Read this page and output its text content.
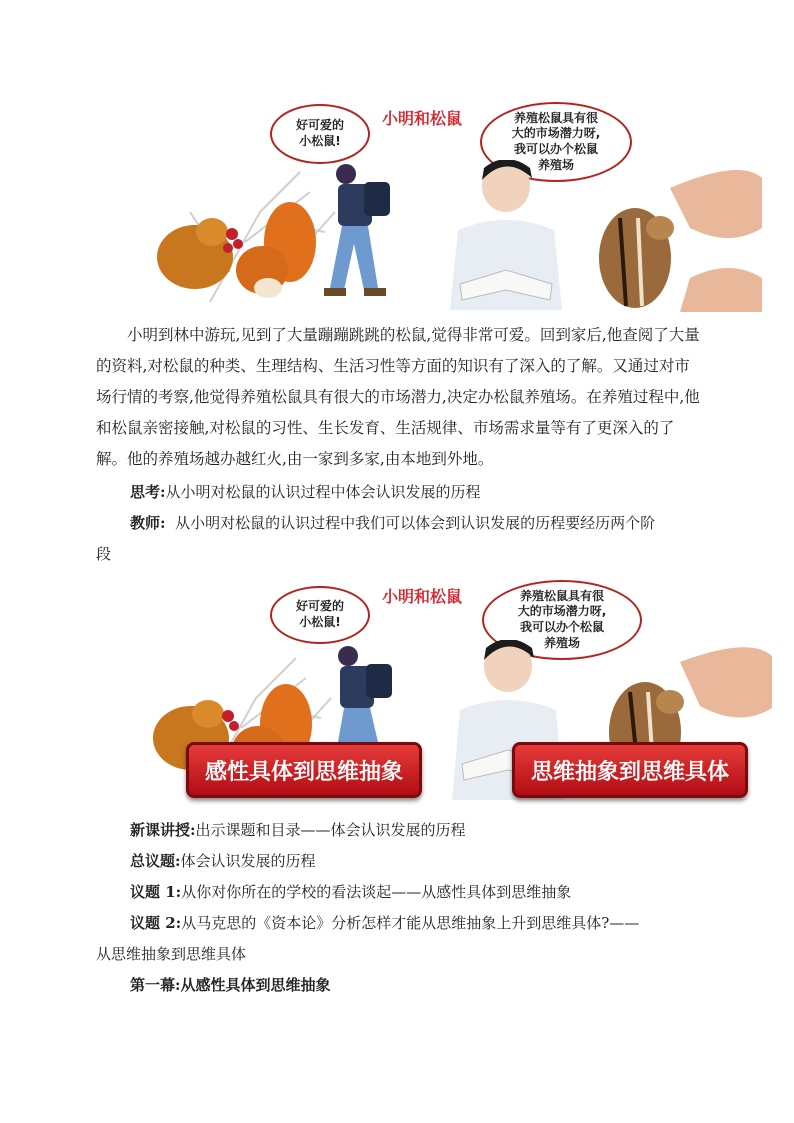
小明和松鼠
好可爱的
小松鼠!
养殖松鼠具有很
大的市场潜力呀,
我可以办个松鼠
养殖场

小明到林中游玩,见到了大量蹦蹦跳跳的松鼠,觉得非常可爱。回到家后,他查阅了大量的资料,对松鼠的种类、生理结构、生活习性等方面的知识有了深入的了解。又通过对市场行情的考察,他觉得养殖松鼠具有很大的市场潜力,决定办松鼠养殖场。在养殖过程中,他和松鼠亲密接触,对松鼠的习性、生长发育、生活规律、市场需求量等有了更深入的了解。他的养殖场越办越红火,由一家到多家,由本地到外地。

思考:从小明对松鼠的认识过程中体会认识发展的历程
教师:  从小明对松鼠的认识过程中我们可以体会到认识发展的历程要经历两个阶
段
小明和松鼠
好可爱的
小松鼠!
养殖松鼠具有很
大的市场潜力呀,
我可以办个松鼠
养殖场
感性具体到思维抽象	思维抽象到思维具体
新课讲授:出示课题和目录——体会认识发展的历程
总议题:体会认识发展的历程
议题 1:从你对你所在的学校的看法谈起——从感性具体到思维抽象
议题 2:从马克思的《资本论》分析怎样才能从思维抽象上升到思维具体?——
从思维抽象到思维具体
第一幕:从感性具体到思维抽象
